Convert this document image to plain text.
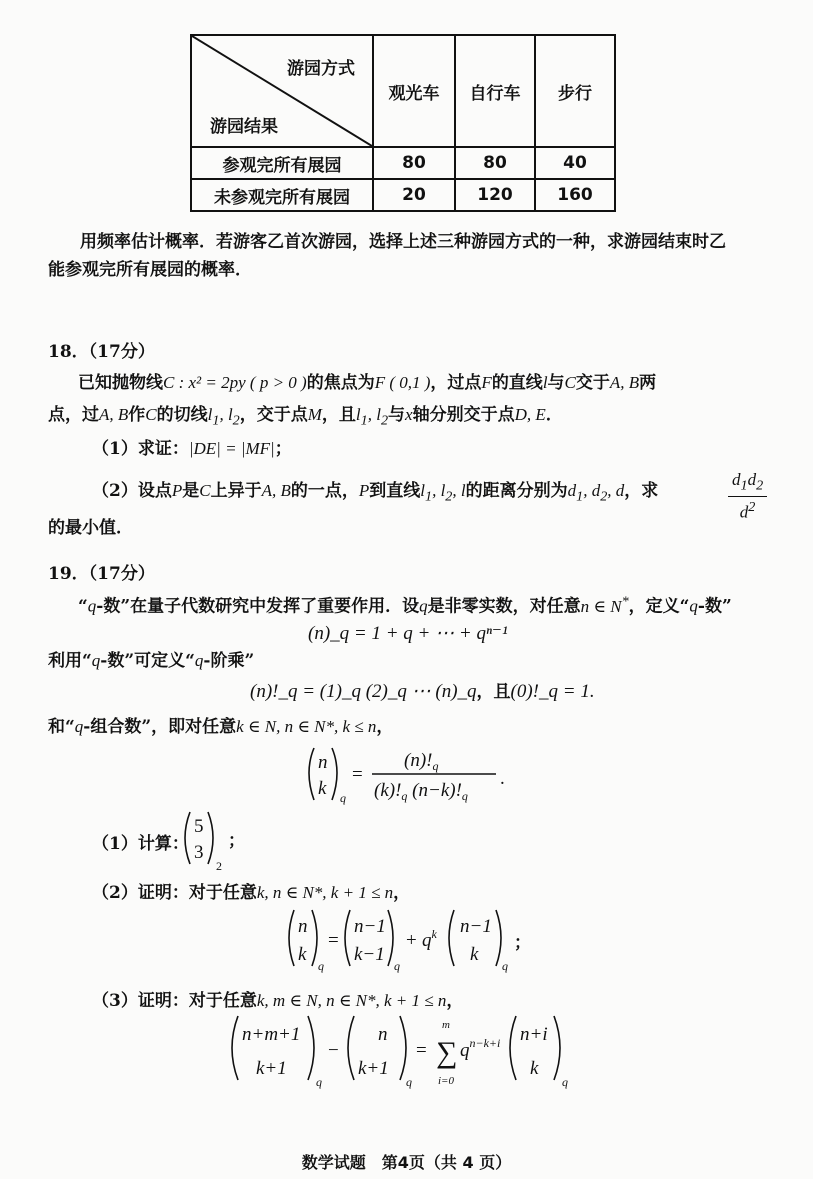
游园方式
游园结果	观光车	自行车	步行
参观完所有展园	80	80	40
未参观完所有展园	20	120	160
用频率估计概率．若游客乙首次游园，选择上述三种游园方式的一种，求游园结束时乙
能参观完所有展园的概率．
18．（17分）
已知抛物线C : x² = 2py ( p > 0 )的焦点为F ( 0,1 )，过点F的直线l与C交于A, B两
点，过A, B作C的切线$l_1$, $l_2$，交于点M，且$l_1$, $l_2$与x轴分别交于点D, E．
（1）求证：|DE| = |MF|；
（2）设点P是C上异于A, B的一点，P到直线$l_1$, $l_2$, l的距离分别为$d_1$, $d_2$, d，求	$\frac{d_1d_2}{d^2}$
的最小值．
19．（17分）
“q-数”在量子代数研究中发挥了重要作用．设q是非零实数，对任意n ∈ N*，定义“q-数”
(n)_q = 1 + q + ⋯ + qⁿ⁻¹
利用“q-数”可定义“q-阶乘”
(n)!_q = (1)_q (2)_q ⋯ (n)_q，且(0)!_q = 1.
和“q-组合数”，即对任意k ∈ N, n ∈ N*, k ≤ n，
n
k q
=
$(n)!_q$
$(k)!_q$ $(n-k)!_q$
.
（1）计算：
5
3
2
；
（2）证明：对于任意k, n ∈ N*, k + 1 ≤ n，
n
k
q
=
n−1
k−1
q
+ $q^k$ n−1
k
q
；
（3）证明：对于任意k, m ∈ N, n ∈ N*, k + 1 ≤ n，
n+m+1
k+1
q
−
n
k+1
q
= ∑
m
i=0
$q^{n-k+i}$ n+i
k
q
数学试题　第4页（共 4 页）
